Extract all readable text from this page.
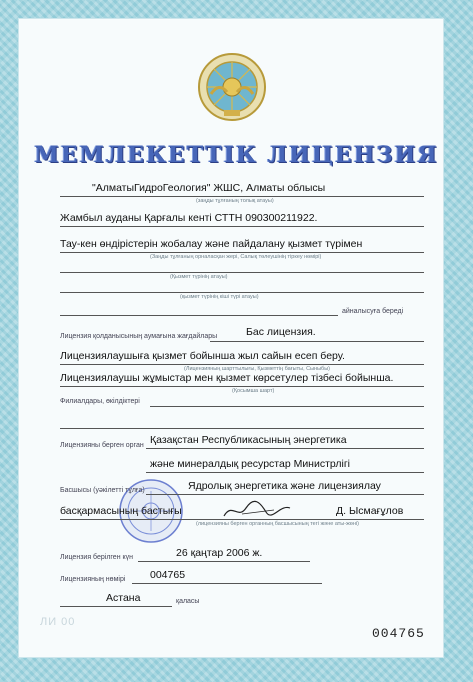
МЕМЛЕКЕТТІК ЛИЦЕНЗИЯ
"АлматыГидроГеология" ЖШС, Алматы облысы
(заңды тұлғаның толық атауы)
Жамбыл ауданы Қарғалы кенті СТТН 090300211922.
Тау-кен өндірістерін жобалау және пайдалану қызмет түрімен
(Заңды тұлғаның орналасқан жері, Салық төлеушінің тіркеу нөмірі)
(Қызмет түрінің атауы)
(қызмет түрінің кіші түрі атауы)
айналысуға береді
Лицензия қолданысының аумағына жағдайлары	Бас лицензия.
Лицензиялаушыға қызмет бойынша жыл сайын есеп беру.
(Лицензияның шарттылығы, Қызметтің бағыты, Сыныбы)
Лицензиялаушы жұмыстар мен қызмет көрсетулер тізбесі бойынша.
(Қосымша шарт)
Филиалдары, өкілдіктері
Лицензияны берген орган Қазақстан Республикасының энергетика
және минералдық ресурстар Министрлігі
Басшысы (уәкілетті тұлға)	Ядролық энергетика және лицензиялау
басқармасының бастығы	Д. Ысмағұлов
(лицензияны берген органның басшысының тегі және аты-жөні)
Лицензия берілген күн	26 қаңтар 2006 ж.
Лицензияның нөмірі 004765
Астана	қаласы
ЛИ 00
004765
